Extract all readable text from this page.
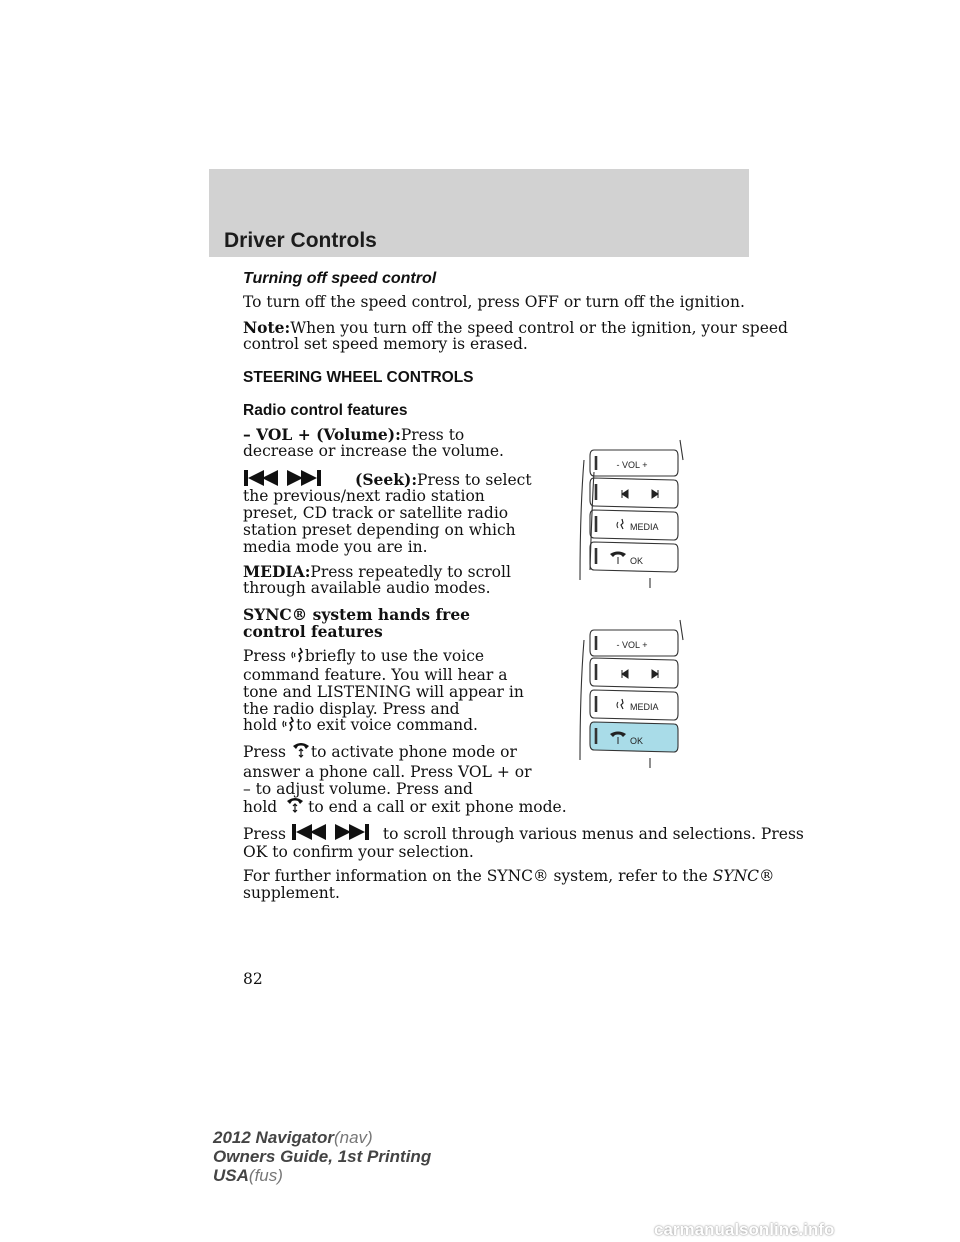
Driver Controls
Turning off speed control
To turn off the speed control, press OFF or turn off the ignition.
Note:When you turn off the speed control or the ignition, your speed
control set speed memory is erased.
STEERING WHEEL CONTROLS
Radio control features
– VOL + (Volume):Press to
decrease or increase the volume.
(Seek):Press to select
the previous/next radio station
preset, CD track or satellite radio
station preset depending on which
media mode you are in.
MEDIA:Press repeatedly to scroll
through available audio modes.
SYNC® system hands free
control features
Press briefly to use the voice
command feature. You will hear a
tone and LISTENING will appear in
the radio display. Press and
hold to exit voice command.
Press to activate phone mode or
answer a phone call. Press VOL + or
– to adjust volume. Press and
hold to end a call or exit phone mode.
Press	to scroll through various menus and selections. Press
OK to confirm your selection.
For further information on the SYNC® system, refer to the SYNC®
supplement.
- VOL +
MEDIA
OK
- VOL +
MEDIA
OK
82
2012 Navigator(nav)
Owners Guide, 1st Printing
USA(fus)
carmanualsonline.info
